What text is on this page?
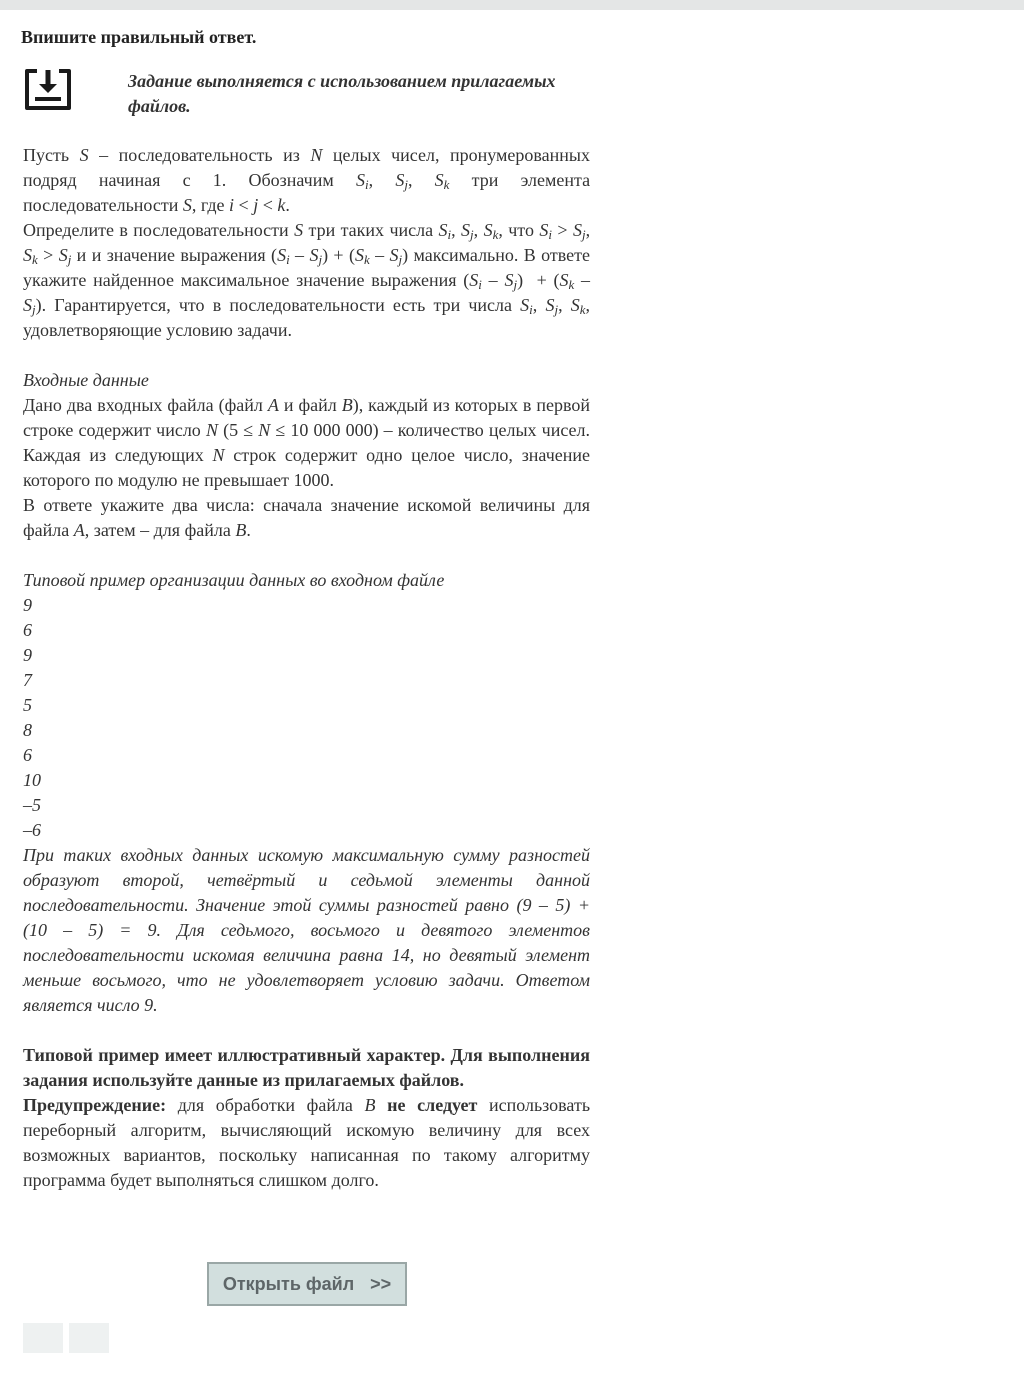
Впишите правильный ответ.
Задание выполняется с использованием прилагаемых файлов.

Пусть S – последовательность из N целых чисел, пронумерованных подряд начиная с 1. Обозначим $S_i$, $S_j$, $S_k$ три элемента последовательности S, где i < j < k.

Определите в последовательности S три таких числа $S_i$, $S_j$, $S_k$, что $S_i > S_j$, $S_k > S_j$ и и значение выражения $(S_i - S_j) + (S_k - S_j)$ максимально. В ответе укажите найденное максимальное значение выражения $(S_i - S_j) + (S_k - S_j)$. Гарантируется, что в последовательности есть три числа $S_i$, $S_j$, $S_k$, удовлетворяющие условию задачи.

Входные данные

Дано два входных файла (файл A и файл B), каждый из которых в первой строке содержит число N (5 ≤ N ≤ 10 000 000) – количество целых чисел. Каждая из следующих N строк содержит одно целое число, значение которого по модулю не превышает 1000.

В ответе укажите два числа: сначала значение искомой величины для файла A, затем – для файла B.

Типовой пример организации данных во входном файле

9

6

9

7

5

8

6

10

–5

–6

При таких входных данных искомую максимальную сумму разностей образуют второй, четвёртый и седьмой элементы данной последовательности. Значение этой суммы разностей равно (9 – 5) + (10 – 5) = 9. Для седьмого, восьмого и девятого элементов последовательности искомая величина равна 14, но девятый элемент меньше восьмого, что не удовлетворяет условию задачи. Ответом является число 9.

Типовой пример имеет иллюстративный характер. Для выполнения задания используйте данные из прилагаемых файлов.

Предупреждение: для обработки файла B не следует использовать переборный алгоритм, вычисляющий искомую величину для всех возможных вариантов, поскольку написанная по такому алгоритму программа будет выполняться слишком долго.

Открыть файл >>
